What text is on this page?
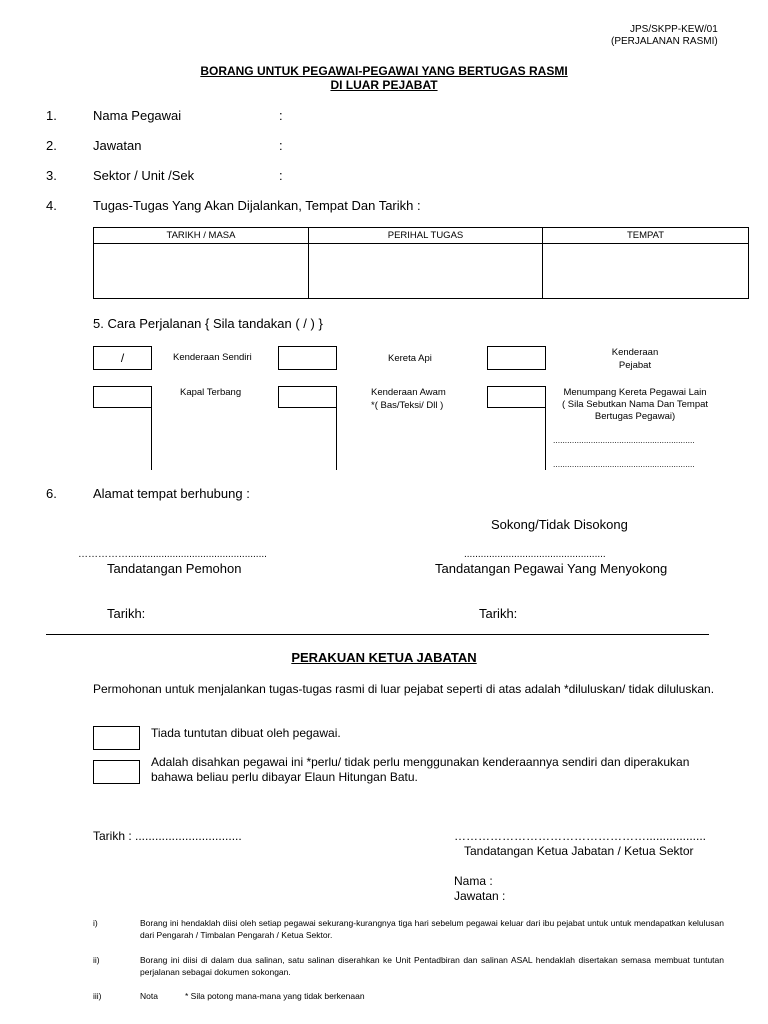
JPS/SKPP-KEW/01
(PERJALANAN RASMI)
BORANG UNTUK PEGAWAI-PEGAWAI YANG BERTUGAS RASMI
DI LUAR PEJABAT
1.	Nama Pegawai	:
2.	Jawatan	:
3.	Sektor / Unit /Sek	:
4.	Tugas-Tugas Yang Akan Dijalankan, Tempat Dan Tarikh :
TARIKH / MASA	PERIHAL TUGAS	TEMPAT

5. Cara Perjalanan { Sila tandakan ( / ) }
/	Kenderaan Sendiri	Kereta Api
Kenderaan
Pejabat
Kapal Terbang	Kenderaan Awam
*( Bas/Teksi/ Dll )
Menumpang Kereta Pegawai Lain
( Sila Sebutkan Nama Dan Tempat
Bertugas Pegawai)
............................................................
............................................................
6.	Alamat tempat berhubung :
Sokong/Tidak Disokong
……………..................................................	...................................................
Tandatangan Pemohon	Tandatangan Pegawai Yang Menyokong
Tarikh:	Tarikh:
PERAKUAN KETUA JABATAN
Permohonan untuk menjalankan tugas-tugas rasmi di luar pejabat seperti di atas adalah *diluluskan/ tidak diluluskan.
Tiada tuntutan dibuat oleh pegawai.
Adalah disahkan pegawai ini *perlu/ tidak perlu menggunakan kenderaannya sendiri dan diperakukan
bahawa beliau perlu dibayar Elaun Hitungan Batu.
Tarikh : ................................	…………………………………………..................
Tandatangan Ketua Jabatan / Ketua Sektor
Nama :
Jawatan :
i)	Borang ini hendaklah diisi oleh setiap pegawai sekurang-kurangnya tiga hari sebelum pegawai keluar dari ibu pejabat untuk untuk mendapatkan kelulusan dari Pengarah / Timbalan Pengarah / Ketua Sektor.
ii)	Borang ini diisi di dalam dua salinan, satu salinan diserahkan ke Unit Pentadbiran dan salinan ASAL hendaklah disertakan semasa membuat tuntutan perjalanan sebagai dokumen sokongan.
iii)	Nota	* Sila potong mana-mana yang tidak berkenaan
